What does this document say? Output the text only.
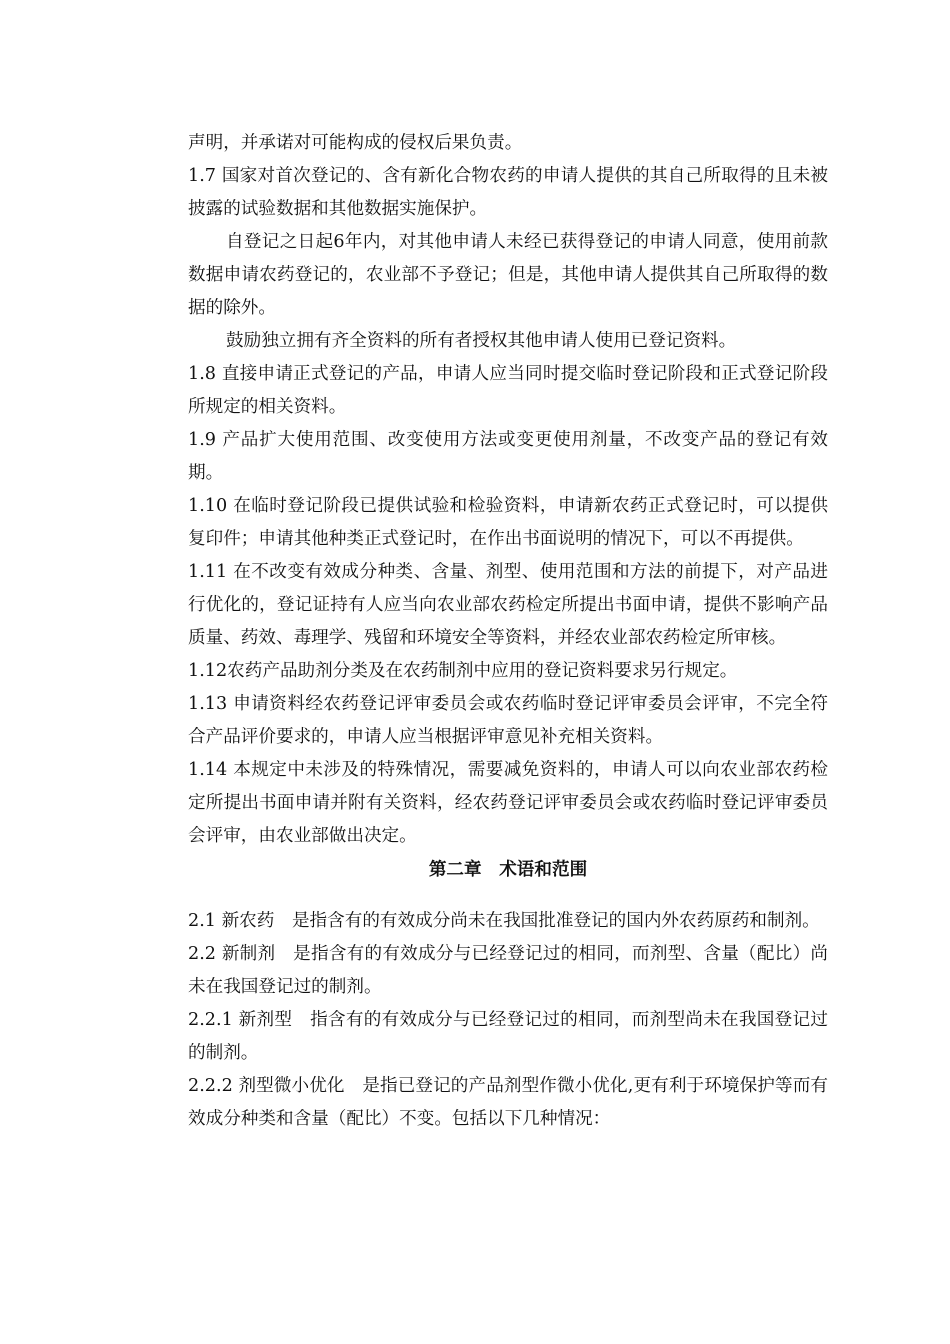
声明，并承诺对可能构成的侵权后果负责。

1.7 国家对首次登记的、含有新化合物农药的申请人提供的其自己所取得的且未被披露的试验数据和其他数据实施保护。

自登记之日起6年内，对其他申请人未经已获得登记的申请人同意，使用前款数据申请农药登记的，农业部不予登记；但是，其他申请人提供其自己所取得的数据的除外。

鼓励独立拥有齐全资料的所有者授权其他申请人使用已登记资料。

1.8 直接申请正式登记的产品，申请人应当同时提交临时登记阶段和正式登记阶段所规定的相关资料。

1.9 产品扩大使用范围、改变使用方法或变更使用剂量，不改变产品的登记有效期。

1.10 在临时登记阶段已提供试验和检验资料，申请新农药正式登记时，可以提供复印件；申请其他种类正式登记时，在作出书面说明的情况下，可以不再提供。

1.11 在不改变有效成分种类、含量、剂型、使用范围和方法的前提下，对产品进行优化的，登记证持有人应当向农业部农药检定所提出书面申请，提供不影响产品质量、药效、毒理学、残留和环境安全等资料，并经农业部农药检定所审核。

1.12农药产品助剂分类及在农药制剂中应用的登记资料要求另行规定。

1.13 申请资料经农药登记评审委员会或农药临时登记评审委员会评审，不完全符合产品评价要求的，申请人应当根据评审意见补充相关资料。

1.14 本规定中未涉及的特殊情况，需要减免资料的，申请人可以向农业部农药检定所提出书面申请并附有关资料，经农药登记评审委员会或农药临时登记评审委员会评审，由农业部做出决定。

第二章　术语和范围

2.1 新农药　是指含有的有效成分尚未在我国批准登记的国内外农药原药和制剂。

2.2 新制剂　是指含有的有效成分与已经登记过的相同，而剂型、含量（配比）尚未在我国登记过的制剂。

2.2.1 新剂型　指含有的有效成分与已经登记过的相同，而剂型尚未在我国登记过的制剂。

2.2.2 剂型微小优化　是指已登记的产品剂型作微小优化,更有利于环境保护等而有效成分种类和含量（配比）不变。包括以下几种情况：
